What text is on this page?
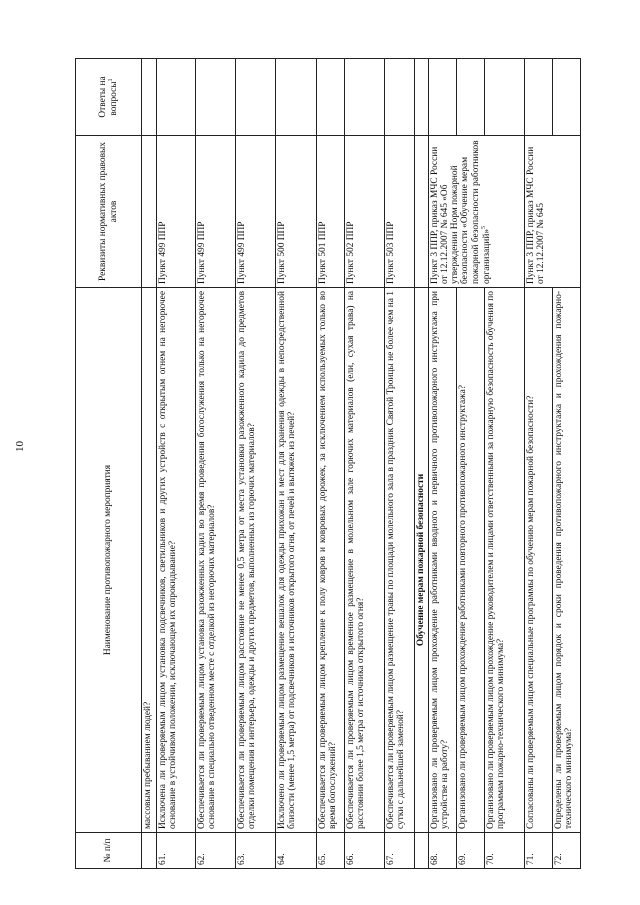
10
№ п/п	Наименование противопожарного мероприятия	Реквизиты нормативных правовых актов	Ответы на вопросы$^1$
	массовым пребыванием людей?		
61.	Исключена ли проверяемым лицом установка подсвечников, светильников и других устройств с открытым огнем на негорючее основание в устойчивом положении, исключающем их опрокидывание?	Пункт 499 ППР	
62.	Обеспечивается ли проверяемым лицом установка разожженных кадил во время проведения богослужения только на негорючее основание в специально отведенном месте с отделкой из негорючих материалов?	Пункт 499 ППР	
63.	Обеспечивается ли проверяемым лицом расстояние не менее 0,5 метра от места установки разожженного кадила до предметов отделки помещения и интерьера, одежды и других предметов, выполненных из горючих материалов?	Пункт 499 ППР	
64.	Исключено ли проверяемым лицом размещение вешалок для одежды прихожан и мест для хранения одежды в непосредственной близости (менее 1,5 метра) от подсвечников и источников открытого огня, от печей и вытяжек из печей?	Пункт 500 ППР	
65.	Обеспечивается ли проверяемым лицом крепление к полу ковров и ковровых дорожек, за исключением используемых только во время богослужений?	Пункт 501 ППР	
66.	Обеспечивается ли проверяемым лицом временное размещение в молельном зале горючих материалов (ели, сухая трава) на расстоянии более 1,5 метра от источника открытого огня?	Пункт 502 ППР	
67.	Обеспечивается ли проверяемым лицом размещение травы по площади молельного зала в праздник Святой Троицы не более чем на 1 сутки с дальнейшей заменой?	Пункт 503 ППР	
	Обучение мерам пожарной безопасности		
68.	Организовано ли проверяемым лицом прохождение работниками вводного и первичного противопожарного инструктажа при устройстве на работу?	Пункт 3 ППР, приказ МЧС России от 12.12.2007 № 645 «Об утверждении Норм пожарной безопасности «Обучение мерам пожарной безопасности работников организаций»$^5$	
69.	Организовано ли проверяемым лицом прохождение работниками повторного противопожарного инструктажа?		
70.	Организовано ли проверяемым лицом прохождение руководителем и лицами ответственными за пожарную безопасность обучения по программам пожарно-технического минимума?		
71.	Согласованы ли проверяемым лицом специальные программы по обучению мерам пожарной безопасности?	Пункт 3 ППР, приказ МЧС России от 12.12.2007 № 645	
72.	Определены ли проверяемым лицом порядок и сроки проведения противопожарного инструктажа и прохождения пожарно-технического минимума?		
